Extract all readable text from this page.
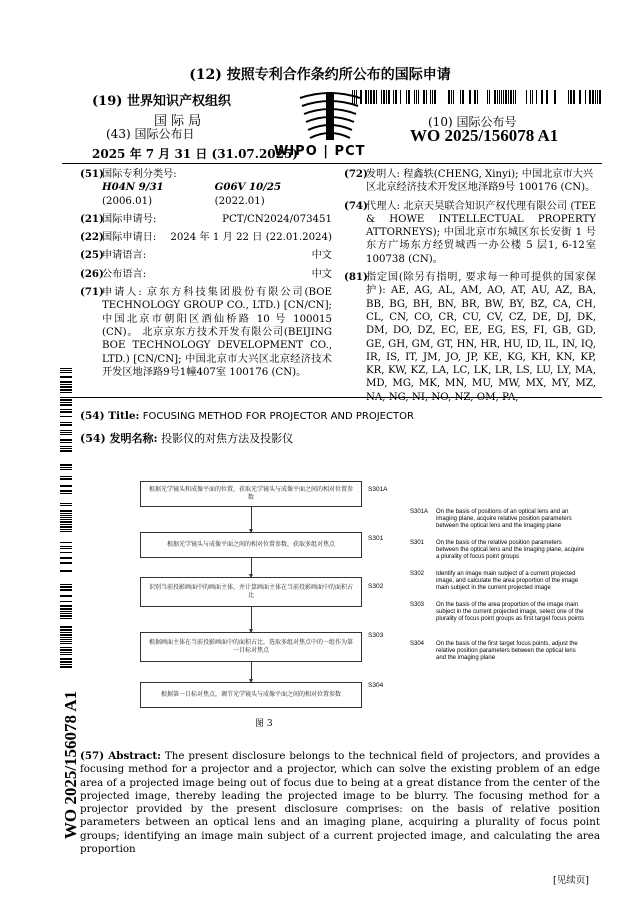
(12) 按照专利合作条约所公布的国际申请
(19) 世界知识产权组织
国 际 局
(43) 国际公布日
2025 年 7 月 31 日 (31.07.2025)
WIPO | PCT
(10) 国际公布号
WO 2025/156078 A1
(51)
国际专利分类号:
H04N 9/31 (2006.01)
G06V 10/25 (2022.01)
(21)
国际申请号:	PCT/CN2024/073451
(22)
国际申请日: 2024 年 1 月 22 日 (22.01.2024)
(25)
申请语言:	中文
(26)
公布语言:	中文
(71)
申请人: 京东方科技集团股份有限公司(BOE TECHNOLOGY GROUP CO., LTD.) [CN/CN]; 中国北京市朝阳区酒仙桥路 10 号 100015 (CN)。 北京京东方技术开发有限公司(BEIJING BOE TECHNOLOGY DEVELOPMENT CO., LTD.) [CN/CN]; 中国北京市大兴区北京经济技术开发区地泽路9号1幢407室 100176 (CN)。
(72)
发明人: 程鑫轶(CHENG, Xinyi); 中国北京市大兴区北京经济技术开发区地泽路9号 100176 (CN)。
(74)
代理人: 北京天昊联合知识产权代理有限公司 (TEE & HOWE INTELLECTUAL PROPERTY ATTORNEYS); 中国北京市东城区东长安街 1 号东方广场东方经贸城西一办公楼 5 层1, 6-12室 100738 (CN)。
(81)
指定国(除另有指明, 要求每一种可提供的国家保护): AE, AG, AL, AM, AO, AT, AU, AZ, BA, BB, BG, BH, BN, BR, BW, BY, BZ, CA, CH, CL, CN, CO, CR, CU, CV, CZ, DE, DJ, DK, DM, DO, DZ, EC, EE, EG, ES, FI, GB, GD, GE, GH, GM, GT, HN, HR, HU, ID, IL, IN, IQ, IR, IS, IT, JM, JO, JP, KE, KG, KH, KN, KP, KR, KW, KZ, LA, LC, LK, LR, LS, LU, LY, MA, MD, MG, MK, MN, MU, MW, MX, MY, MZ, NA, NG, NI, NO, NZ, OM, PA,
WO 2025/156078 A1
(54) Title: FOCUSING METHOD FOR PROJECTOR AND PROJECTOR
(54) 发明名称: 投影仪的对焦方法及投影仪
根据光学镜头和成像平面的位置，获取光学镜头与成像平面之间的相对位置参数
S301A
根据光学镜头与成像平面之间的相对位置参数，获取多组对焦点
S301
识别当前投影画面中的画面主体，并计算画面主体在当前投影画面中的面积占比
S302
根据画面主体在当前投影画面中的面积占比，选取多组对焦点中的一组作为第一目标对焦点
S303
根据第一目标对焦点，调节光学镜头与成像平面之间的相对位置参数
S304
图 3
S301A On the basis of positions of an optical lens and an imaging plane, acquire relative position parameters between the optical lens and the imaging plane
S301 On the basis of the relative position parameters between the optical lens and the imaging plane, acquire a plurality of focus point groups
S302 Identify an image main subject of a current projected image, and calculate the area proportion of the image main subject in the current projected image
S303 On the basis of the area proportion of the image main subject in the current projected image, select one of the plurality of focus point groups as first target focus points
S304 On the basis of the first target focus points, adjust the relative position parameters between the optical lens and the imaging plane
(57) Abstract: The present disclosure belongs to the technical field of projectors, and provides a focusing method for a projector and a projector, which can solve the existing problem of an edge area of a projected image being out of focus due to being at a great distance from the center of the projected image, thereby leading the projected image to be blurry. The focusing method for a projector provided by the present disclosure comprises: on the basis of relative position parameters between an optical lens and an imaging plane, acquiring a plurality of focus point groups; identifying an image main subject of a current projected image, and calculating the area proportion
[见续页]
